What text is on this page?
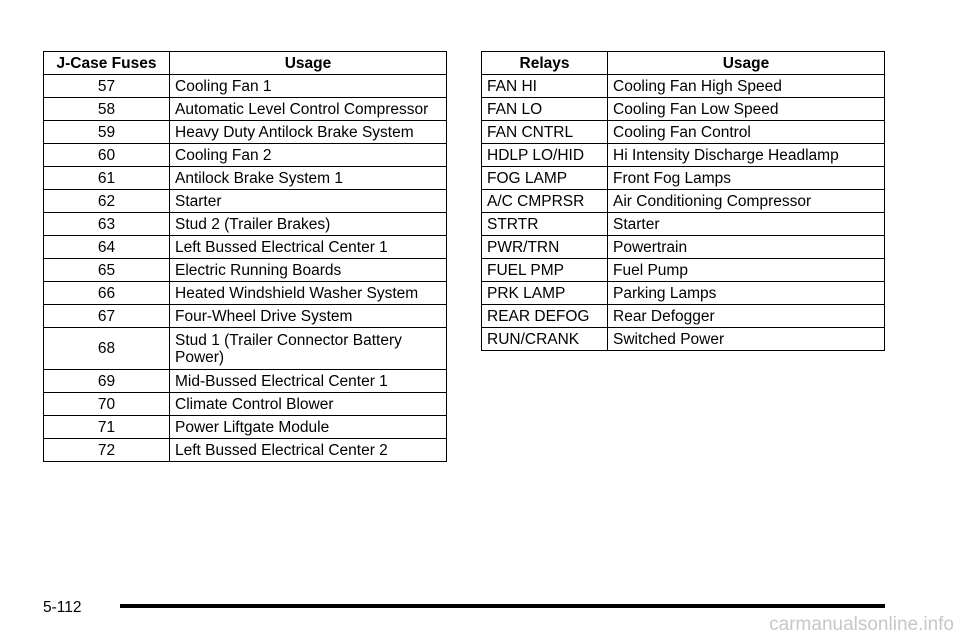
J-Case Fuses	Usage
57	Cooling Fan 1
58	Automatic Level Control Compressor
59	Heavy Duty Antilock Brake System
60	Cooling Fan 2
61	Antilock Brake System 1
62	Starter
63	Stud 2 (Trailer Brakes)
64	Left Bussed Electrical Center 1
65	Electric Running Boards
66	Heated Windshield Washer System
67	Four-Wheel Drive System
68	Stud 1 (Trailer Connector Battery Power)
69	Mid-Bussed Electrical Center 1
70	Climate Control Blower
71	Power Liftgate Module
72	Left Bussed Electrical Center 2
Relays	Usage
FAN HI	Cooling Fan High Speed
FAN LO	Cooling Fan Low Speed
FAN CNTRL	Cooling Fan Control
HDLP LO/HID	Hi Intensity Discharge Headlamp
FOG LAMP	Front Fog Lamps
A/C CMPRSR	Air Conditioning Compressor
STRTR	Starter
PWR/TRN	Powertrain
FUEL PMP	Fuel Pump
PRK LAMP	Parking Lamps
REAR DEFOG	Rear Defogger
RUN/CRANK	Switched Power
5-112
carmanualsonline.info
